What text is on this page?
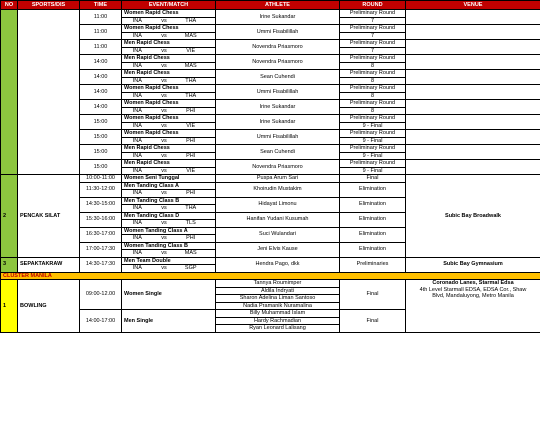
NO	SPORTS/DIS	TIME	EVENT/MATCH	ATHLETE	ROUND	VENUE
		11:00	Women Rapid Chess	Irine Sukandar	Preliminary Round	
			INA vs THA		7	
		11:00	Women Rapid Chess	Ummi Fisabilillah	Preliminary Round	
			INA vs MAS		7	
		11:00	Men Rapid Chess	Novendra Priasmoro	Preliminary Round	
			INA vs VIE		7	
		14:00	Men Rapid Chess	Novendra Priasmoro	Preliminary Round	
			INA vs MAS		8	
		14:00	Men Rapid Chess	Sean Cuhendi	Preliminary Round	
			INA vs THA		8	
		14:00	Women Rapid Chess	Ummi Fisabilillah	Preliminary Round	
			INA vs THA		8	
		14:00	Women Rapid Chess	Irine Sukandar	Preliminary Round	
			INA vs PHI		8	
		15:00	Women Rapid Chess	Irine Sukandar	Preliminary Round	
			INA vs VIE		9 - Final	
		15:00	Women Rapid Chess	Ummi Fisabilillah	Preliminary Round	
			INA vs PHI		9 - Final	
		15:00	Men Rapid Chess	Sean Cuhendi	Preliminary Round	
			INA vs PHI		9 - Final	
		15:00	Men Rapid Chess	Novendra Priasmoro	Preliminary Round	
			INA vs VIE		9 - Final	
2	PENCAK SILAT	10:00-11:00	Women Seni Tunggal	Puspa Arum Sari	Final	Subic Bay Broadwalk
		11:30-12:00	Men Tanding Class A	Khoirudin Mustakim	Elimination	
			INA vs PHI			
		14:30-15:00	Men Tanding Class B	Hidayat Limonu	Elimination	
			INA vs THA			
		15:30-16:00	Men Tanding Class D	Hanifan Yudani Kusumah	Elimination	
			INA vs TLS			
		16:30-17:00	Women Tanding Class A	Suci Wulandari	Elimination	
			INA vs PHI			
		17:00-17:30	Women Tanding Class B	Jeni Elvis Kause	Elimination	
			INA vs MAS			
3	SEPAKTAKRAW	14:30-17:30	Men Team Double	Hendra Pago, dkk	Preliminaries	Subic Bay Gymnasium
			INA vs SGP			
CLUSTER MANILA						
1	BOWLING	09:00-12.00	Women Single	Tannya Roumimper	Final	Coronado Lanes, Starmal Edsa
4th Level Starmall EDSA, EDSA Cor., Shaw
Blvd, Mandaluyong, Metro Manila

				Aldila Indryati		
				Sharon Adelina Liman Santoso		
				Nadia Pramanik Nuramalina		
		14:00-17:00	Men Single	Billy Muhammad Islam	Final	
				Hardy Rachmadian		
				Ryan Leonard Lalisang		
